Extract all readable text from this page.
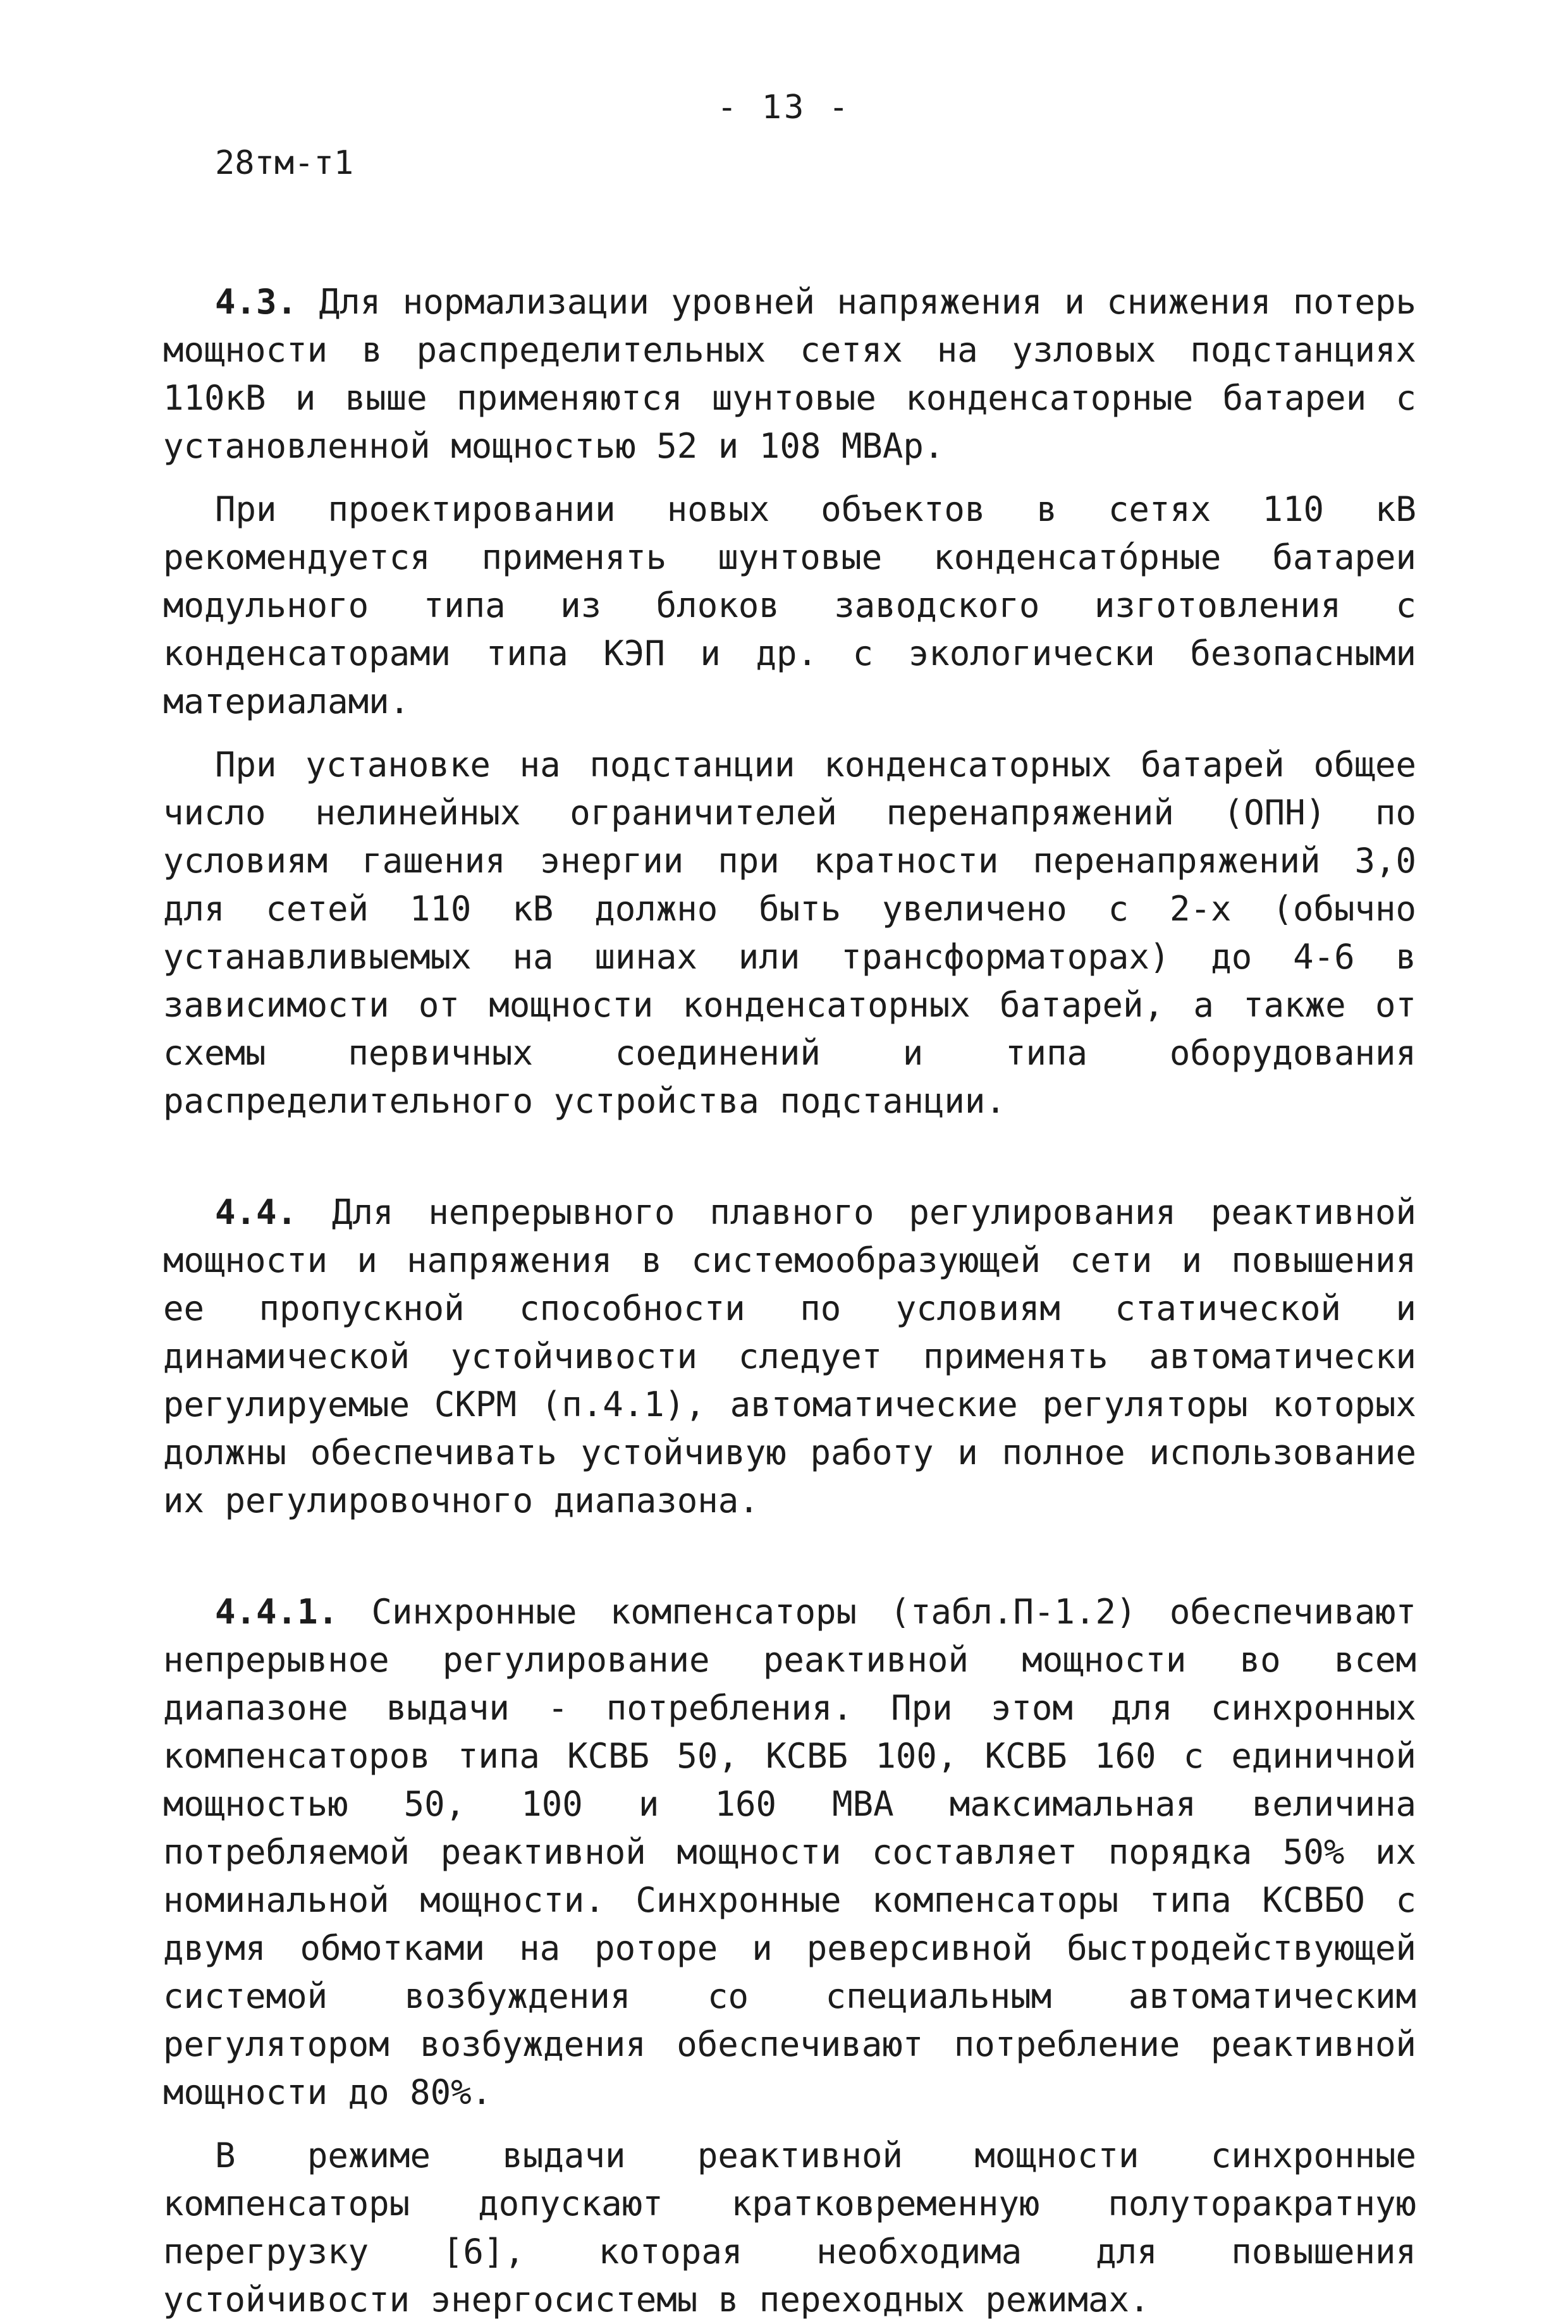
- 13 -
28тм-т1

4.3. Для нормализации уровней напряжения и снижения потерь мощности в распределительных сетях на узловых подстанциях 110кВ и выше применяются шунтовые конденсаторные батареи с установленной мощностью 52 и 108 МВАр.

При проектировании новых объектов в сетях 110 кВ рекомендуется применять шунтовые конденсатóрные батареи модульного типа из блоков заводского изготовления с конденсаторами типа КЭП и др. с экологически безопасными материалами.

При установке на подстанции конденсаторных батарей общее число нелинейных ограничителей перенапряжений (ОПН) по условиям гашения энергии при кратности перенапряжений 3,0 для сетей 110 кВ должно быть увеличено с 2-х (обычно устанавливыемых на шинах или трансформаторах) до 4-6 в зависимости от мощности конденсаторных батарей, а также от схемы первичных соединений и типа оборудования распределительного устройства подстанции.

4.4. Для непрерывного плавного регулирования реактивной мощности и напряжения в системообразующей сети и повышения ее пропускной способности по условиям статической и динамической устойчивости следует применять автоматически регулируемые СКРМ (п.4.1), автоматические регуляторы которых должны обеспечивать устойчивую работу и полное использование их регулировочного диапазона.

4.4.1. Синхронные компенсаторы (табл.П-1.2) обеспечивают непрерывное регулирование реактивной мощности во всем диапазоне выдачи - потребления. При этом для синхронных компенсаторов типа КСВБ 50, КСВБ 100, КСВБ 160 с единичной мощностью 50, 100 и 160 МВА максимальная величина потребляемой реактивной мощности составляет порядка 50% их номинальной мощности. Синхронные компенсаторы типа КСВБО с двумя обмотками на роторе и реверсивной быстродействующей системой возбуждения со специальным автоматическим регулятором возбуждения обеспечивают потребление реактивной мощности до 80%.

В режиме выдачи реактивной мощности синхронные компенсаторы допускают кратковременную полуторакратную перегрузку [6], которая необходима для повышения устойчивости энергосистемы в переходных режимах.
